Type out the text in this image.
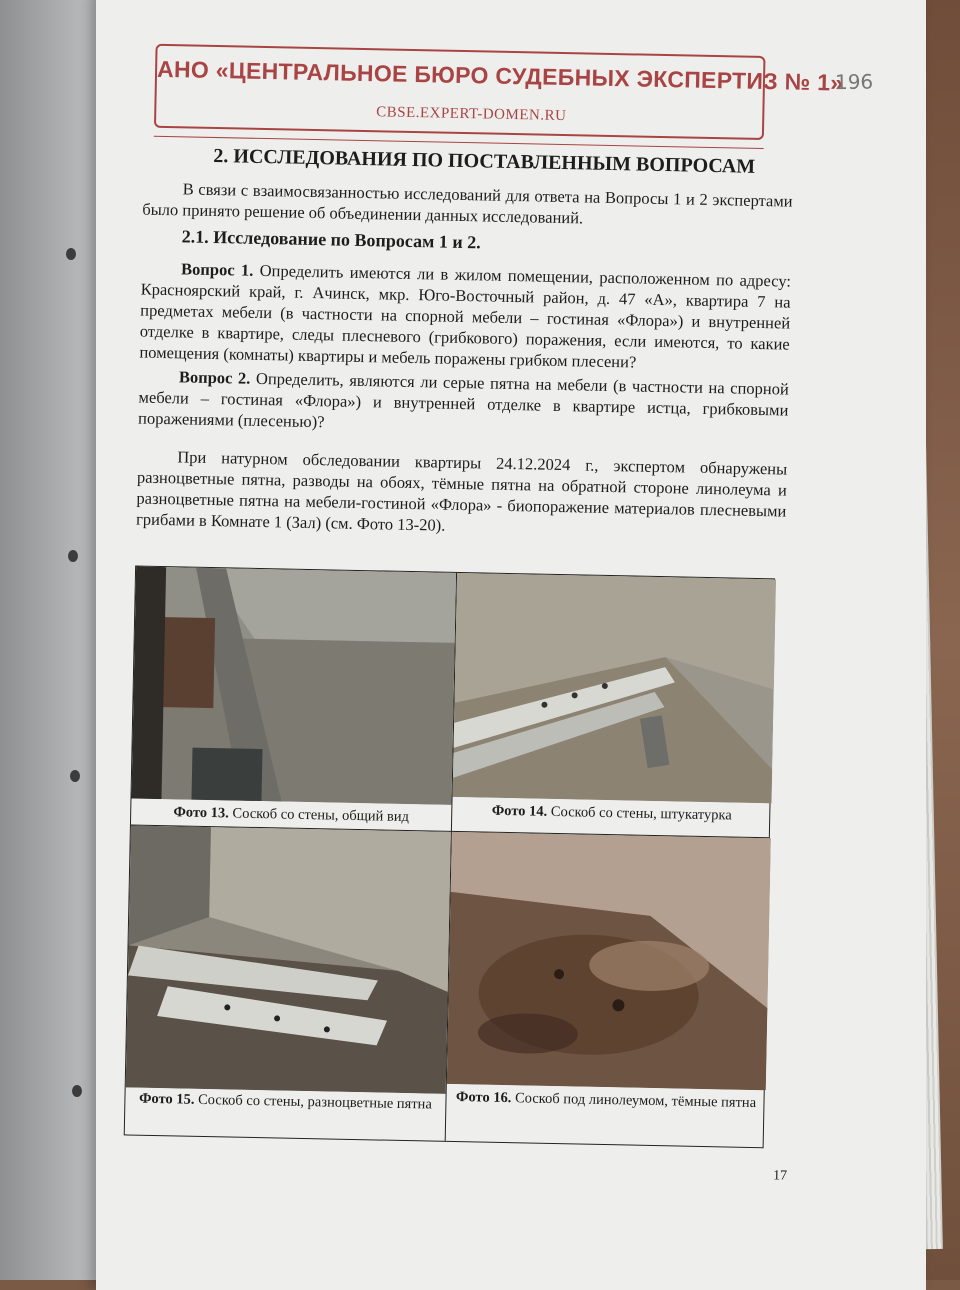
АНО «ЦЕНТРАЛЬНОЕ БЮРО СУДЕБНЫХ ЭКСПЕРТИЗ № 1»
CBSE.EXPERT-DOMEN.RU
196
2. ИССЛЕДОВАНИЯ ПО ПОСТАВЛЕННЫМ ВОПРОСАМ
В связи с взаимосвязанностью исследований для ответа на Вопросы 1 и 2 экспертами было принято решение об объединении данных исследований.
2.1. Исследование по Вопросам 1 и 2.
Вопрос 1. Определить имеются ли в жилом помещении, расположенном по адресу: Красноярский край, г. Ачинск, мкр. Юго-Восточный район, д. 47 «А», квартира 7 на предметах мебели (в частности на спорной мебели – гостиная «Флора») и внутренней отделке в квартире, следы плесневого (грибкового) поражения, если имеются, то какие помещения (комнаты) квартиры и мебель поражены грибком плесени?
Вопрос 2. Определить, являются ли серые пятна на мебели (в частности на спорной мебели – гостиная «Флора») и внутренней отделке в квартире истца, грибковыми поражениями (плесенью)?
При натурном обследовании квартиры 24.12.2024 г., экспертом обнаружены разноцветные пятна, разводы на обоях, тёмные пятна на обратной стороне линолеума и разноцветные пятна на мебели-гостиной «Флора» - биопоражение материалов плесневыми грибами в Комнате 1 (Зал) (см. Фото 13-20).
Фото 13. Соскоб со стены, общий вид	Фото 14. Соскоб со стены, штукатурка
Фото 15. Соскоб со стены, разноцветные пятна	Фото 16. Соскоб под линолеумом, тёмные пятна
17
